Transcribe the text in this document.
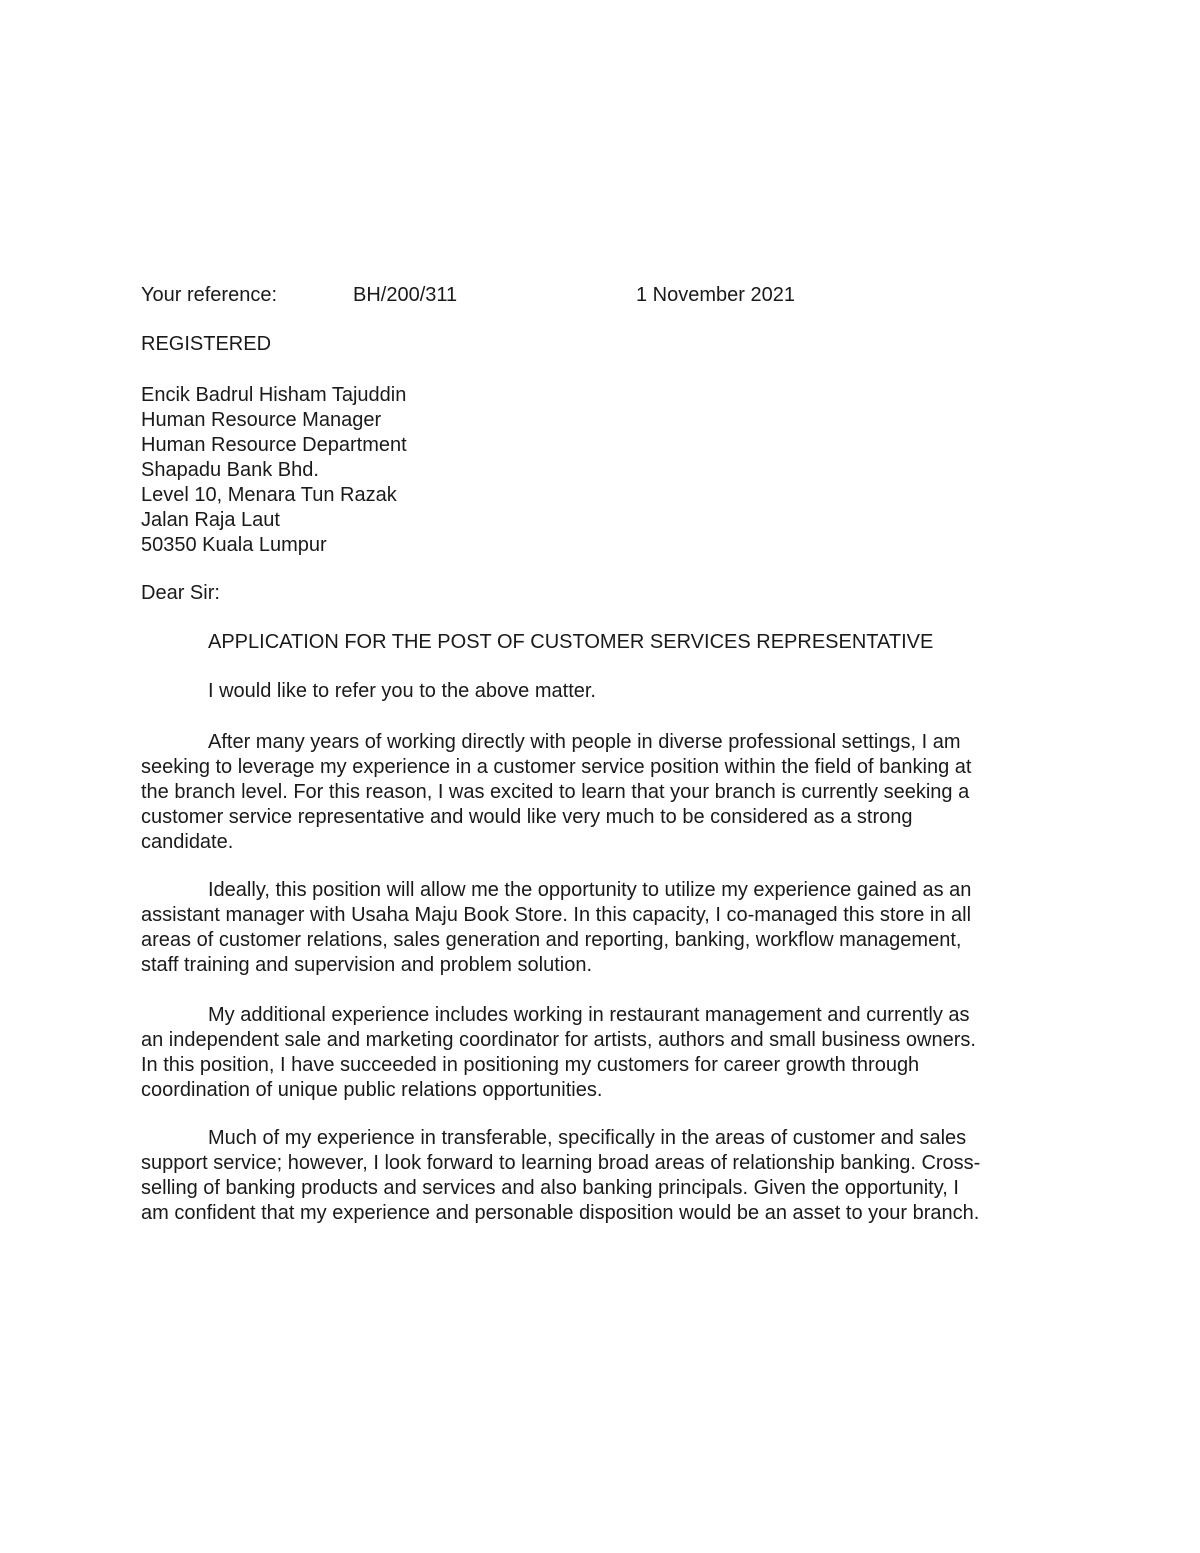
Your reference:	BH/200/311	1 November 2021
REGISTERED
Encik Badrul Hisham Tajuddin
Human Resource Manager
Human Resource Department
Shapadu Bank Bhd.
Level 10, Menara Tun Razak
Jalan Raja Laut
50350 Kuala Lumpur
Dear Sir:
APPLICATION FOR THE POST OF CUSTOMER SERVICES REPRESENTATIVE
I would like to refer you to the above matter.
After many years of working directly with people in diverse professional settings, I am
seeking to leverage my experience in a customer service position within the field of banking at
the branch level. For this reason, I was excited to learn that your branch is currently seeking a
customer service representative and would like very much to be considered as a strong
candidate.
Ideally, this position will allow me the opportunity to utilize my experience gained as an
assistant manager with Usaha Maju Book Store. In this capacity, I co-managed this store in all
areas of customer relations, sales generation and reporting, banking, workflow management,
staff training and supervision and problem solution.
My additional experience includes working in restaurant management and currently as
an independent sale and marketing coordinator for artists, authors and small business owners.
In this position, I have succeeded in positioning my customers for career growth through
coordination of unique public relations opportunities.
Much of my experience in transferable, specifically in the areas of customer and sales
support service; however, I look forward to learning broad areas of relationship banking. Cross-
selling of banking products and services and also banking principals. Given the opportunity, I
am confident that my experience and personable disposition would be an asset to your branch.
